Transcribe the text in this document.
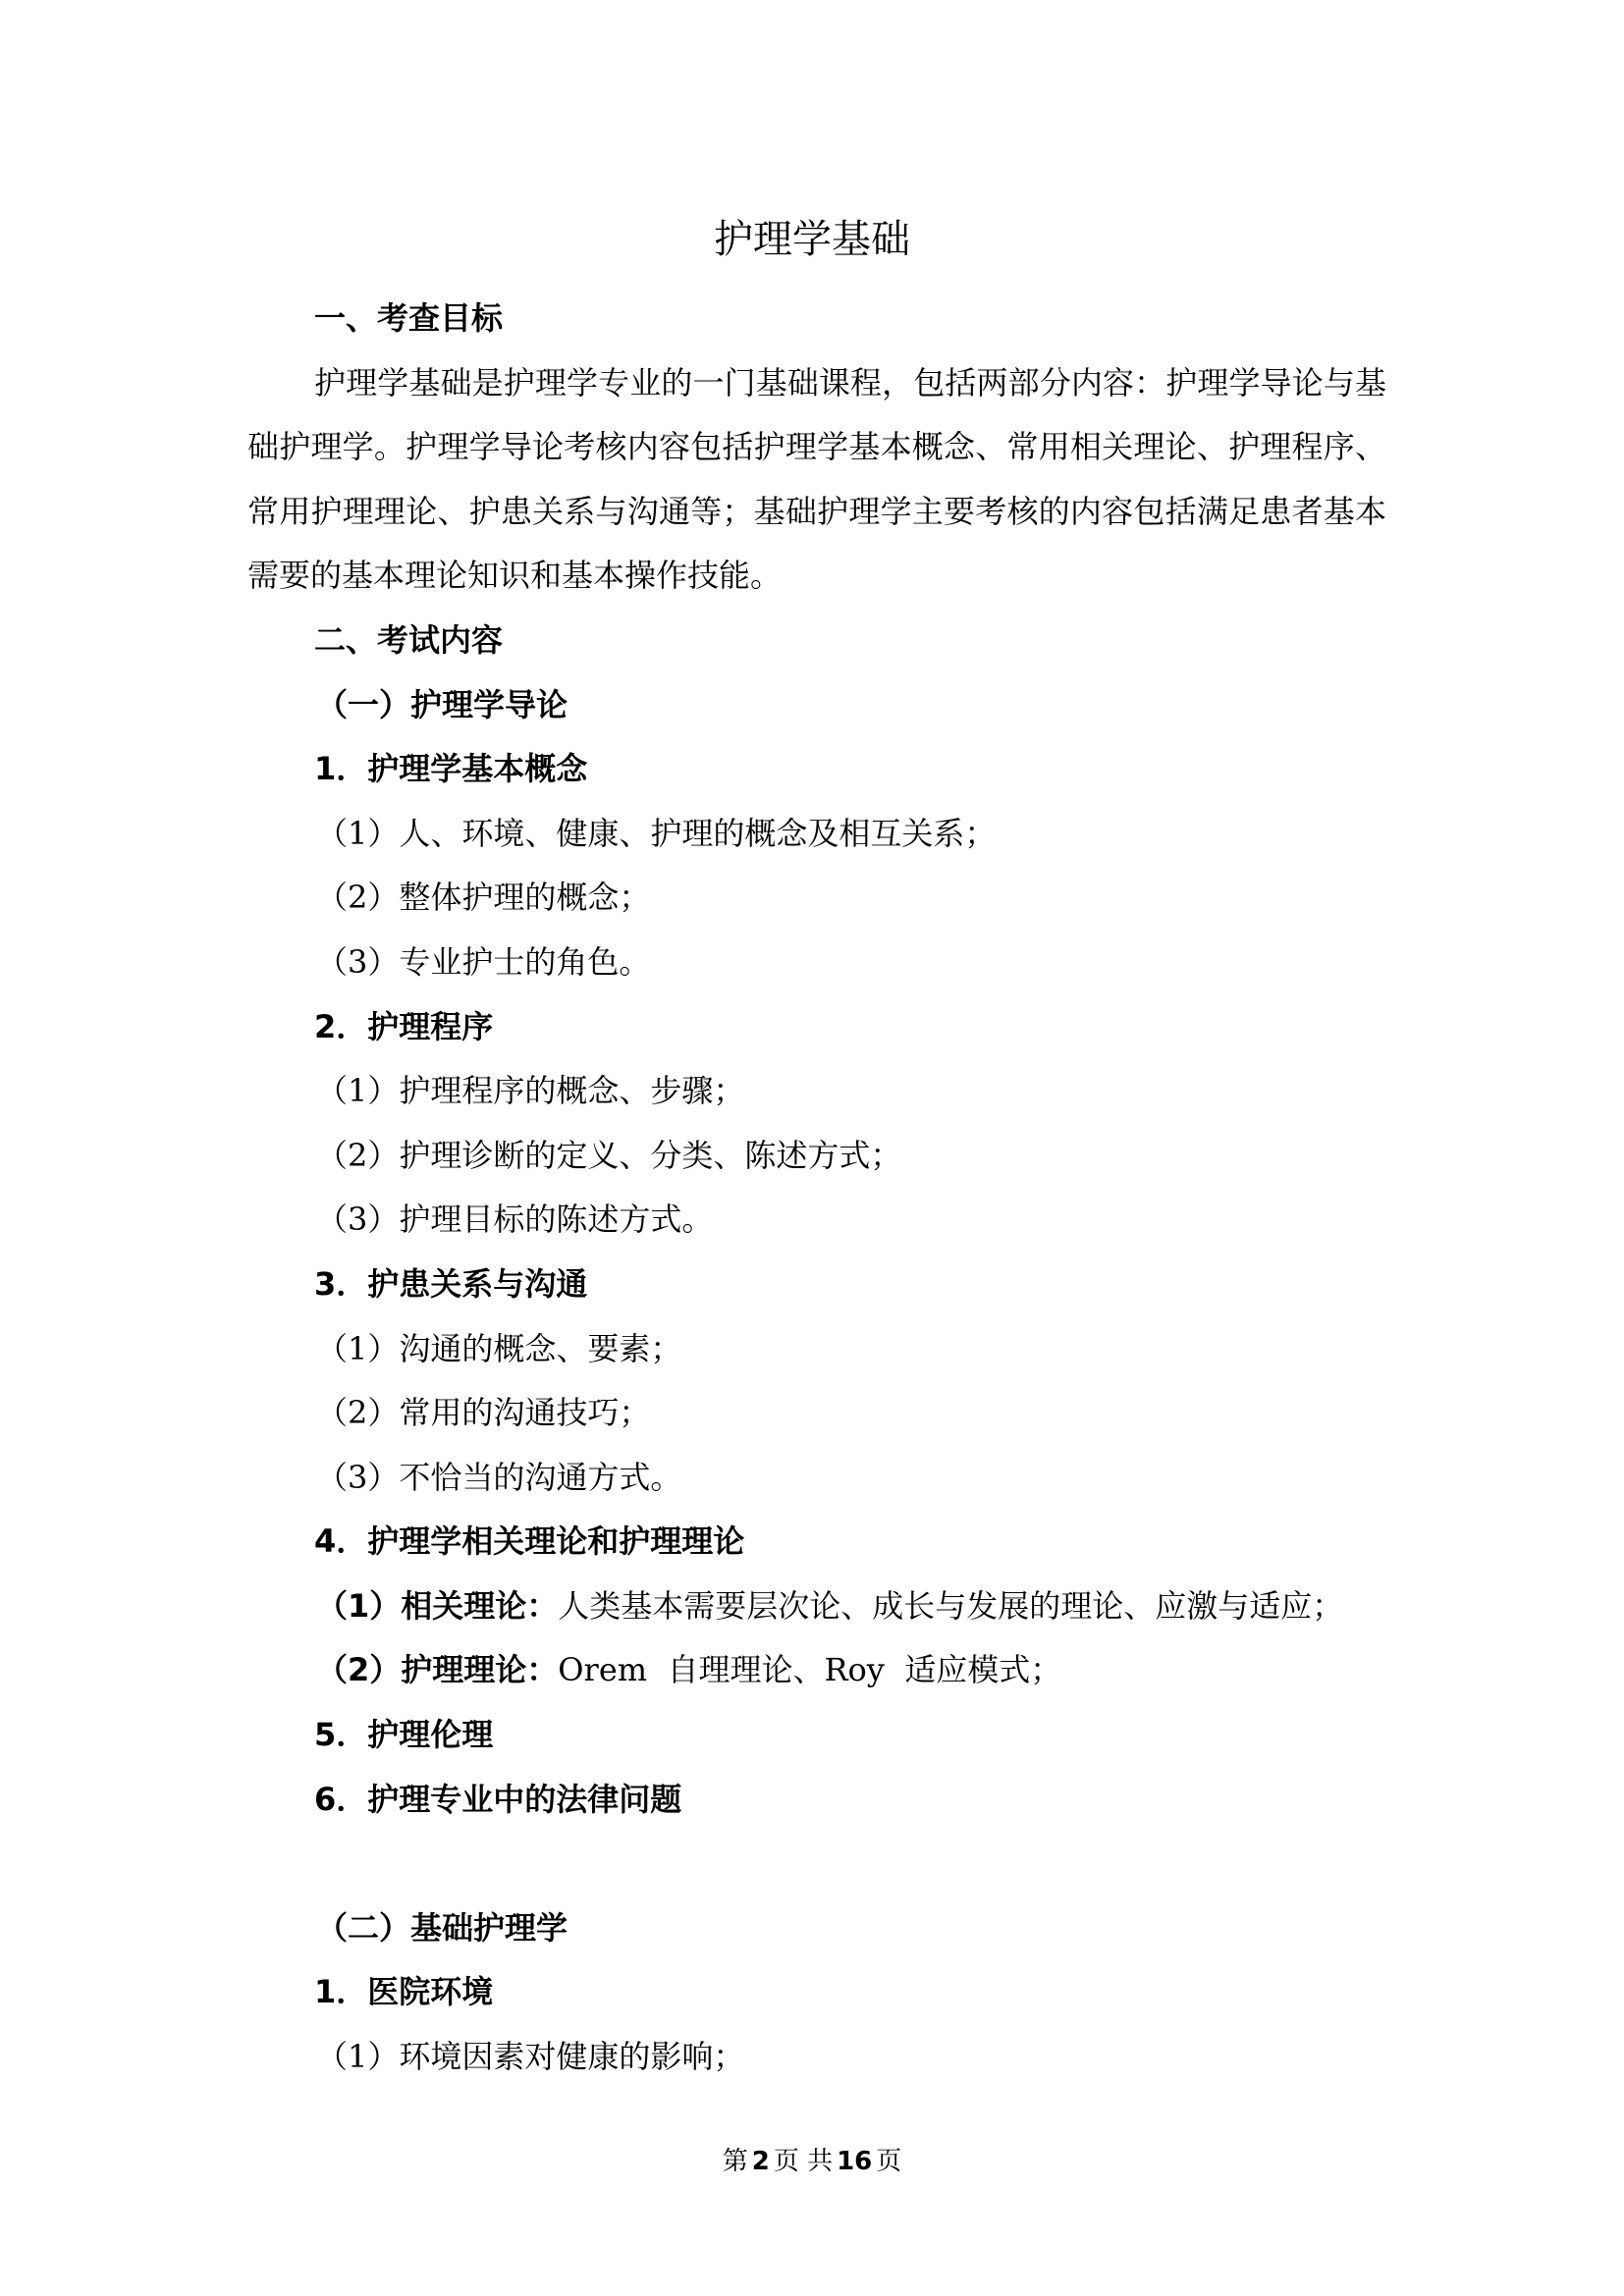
护理学基础
一、考查目标

护理学基础是护理学专业的一门基础课程，包括两部分内容：护理学导论与基础护理学。护理学导论考核内容包括护理学基本概念、常用相关理论、护理程序、常用护理理论、护患关系与沟通等；基础护理学主要考核的内容包括满足患者基本需要的基本理论知识和基本操作技能。

二、考试内容
（一）护理学导论
1．护理学基本概念
（1）人、环境、健康、护理的概念及相互关系；
（2）整体护理的概念；
（3）专业护士的角色。
2．护理程序
（1）护理程序的概念、步骤；
（2）护理诊断的定义、分类、陈述方式；
（3）护理目标的陈述方式。
3．护患关系与沟通
（1）沟通的概念、要素；
（2）常用的沟通技巧；
（3）不恰当的沟通方式。
4．护理学相关理论和护理理论
（1）相关理论：人类基本需要层次论、成长与发展的理论、应激与适应；
（2）护理理论：Orem  自理理论、Roy  适应模式；
5．护理伦理
6．护理专业中的法律问题
（二）基础护理学
1．医院环境
（1）环境因素对健康的影响；
第 2 页 共 16 页
